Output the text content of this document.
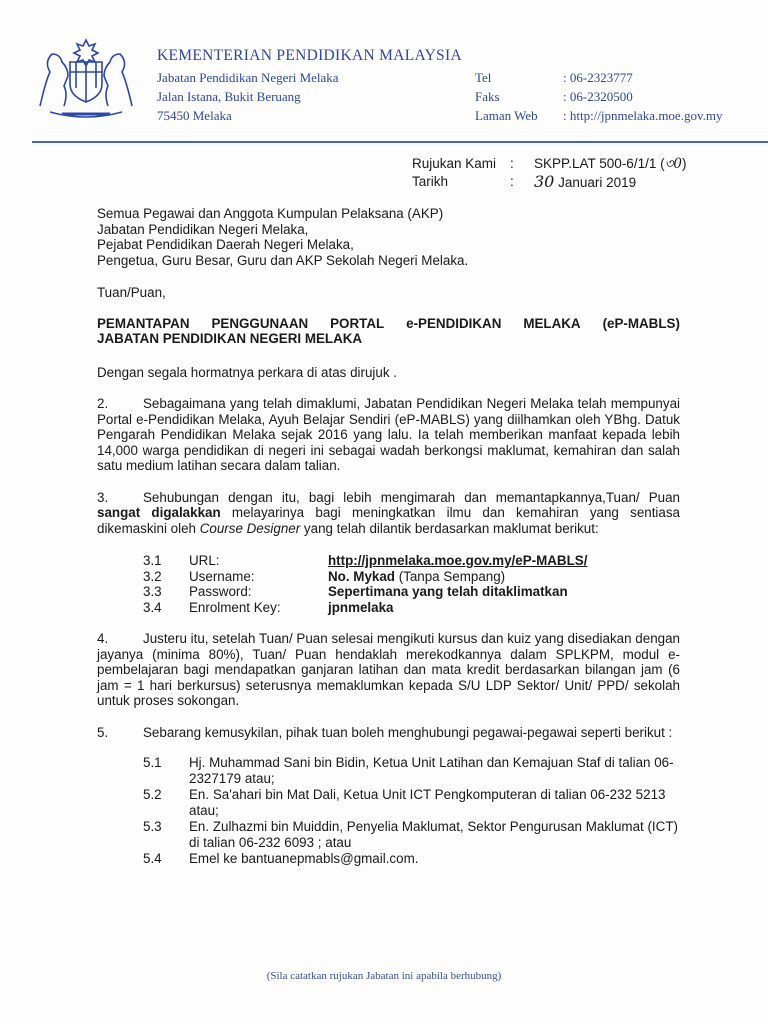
KEMENTERIAN PENDIDIKAN MALAYSIA
Jabatan Pendidikan Negeri Melaka
Jalan Istana, Bukit Beruang
75450 Melaka
Tel	: 06-2323777
Faks	: 06-2320500
Laman Web	: http://jpnmelaka.moe.gov.my
Rujukan Kami	:	SKPP.LAT 500-6/1/1 (৩0)
Tarikh	:	30 Januari 2019
Semua Pegawai dan Anggota Kumpulan Pelaksana (AKP)
Jabatan Pendidikan Negeri Melaka,
Pejabat Pendidikan Daerah Negeri Melaka,
Pengetua, Guru Besar, Guru dan AKP Sekolah Negeri Melaka.
Tuan/Puan,
PEMANTAPAN PENGGUNAAN PORTAL e-PENDIDIKAN MELAKA (eP-MABLS)
JABATAN PENDIDIKAN NEGERI MELAKA
Dengan segala hormatnya perkara di atas dirujuk .
2.	Sebagaimana yang telah dimaklumi, Jabatan Pendidikan Negeri Melaka telah mempunyai Portal e-Pendidikan Melaka, Ayuh Belajar Sendiri (eP-MABLS) yang diilhamkan oleh YBhg. Datuk Pengarah Pendidikan Melaka sejak 2016 yang lalu. Ia telah memberikan manfaat kepada lebih 14,000 warga pendidikan di negeri ini sebagai wadah berkongsi maklumat, kemahiran dan salah satu medium latihan secara dalam talian.
3.	Sehubungan dengan itu, bagi lebih mengimarah dan memantapkannya,Tuan/ Puan sangat digalakkan melayarinya bagi meningkatkan ilmu dan kemahiran yang sentiasa dikemaskini oleh Course Designer yang telah dilantik berdasarkan maklumat berikut:
3.1	URL:	http://jpnmelaka.moe.gov.my/eP-MABLS/
3.2	Username:	No. Mykad (Tanpa Sempang)
3.3	Password:	Sepertimana yang telah ditaklimatkan
3.4	Enrolment Key:	jpnmelaka
4.	Justeru itu, setelah Tuan/ Puan selesai mengikuti kursus dan kuiz yang disediakan dengan jayanya (minima 80%), Tuan/ Puan hendaklah merekodkannya dalam SPLKPM, modul e-pembelajaran bagi mendapatkan ganjaran latihan dan mata kredit berdasarkan bilangan jam (6 jam = 1 hari berkursus) seterusnya memaklumkan kepada S/U LDP Sektor/ Unit/ PPD/ sekolah untuk proses sokongan.
5.	Sebarang kemusykilan, pihak tuan boleh menghubungi pegawai-pegawai seperti berikut :
5.1	Hj. Muhammad Sani bin Bidin, Ketua Unit Latihan dan Kemajuan Staf di talian 06-2327179 atau;
5.2	En. Sa'ahari bin Mat Dali, Ketua Unit ICT Pengkomputeran di talian 06-232 5213 atau;
5.3	En. Zulhazmi bin Muiddin, Penyelia Maklumat, Sektor Pengurusan Maklumat (ICT) di talian 06-232 6093 ; atau
5.4	Emel ke bantuanepmabls@gmail.com.
(Sila catatkan rujukan Jabatan ini apabila berhubung)
